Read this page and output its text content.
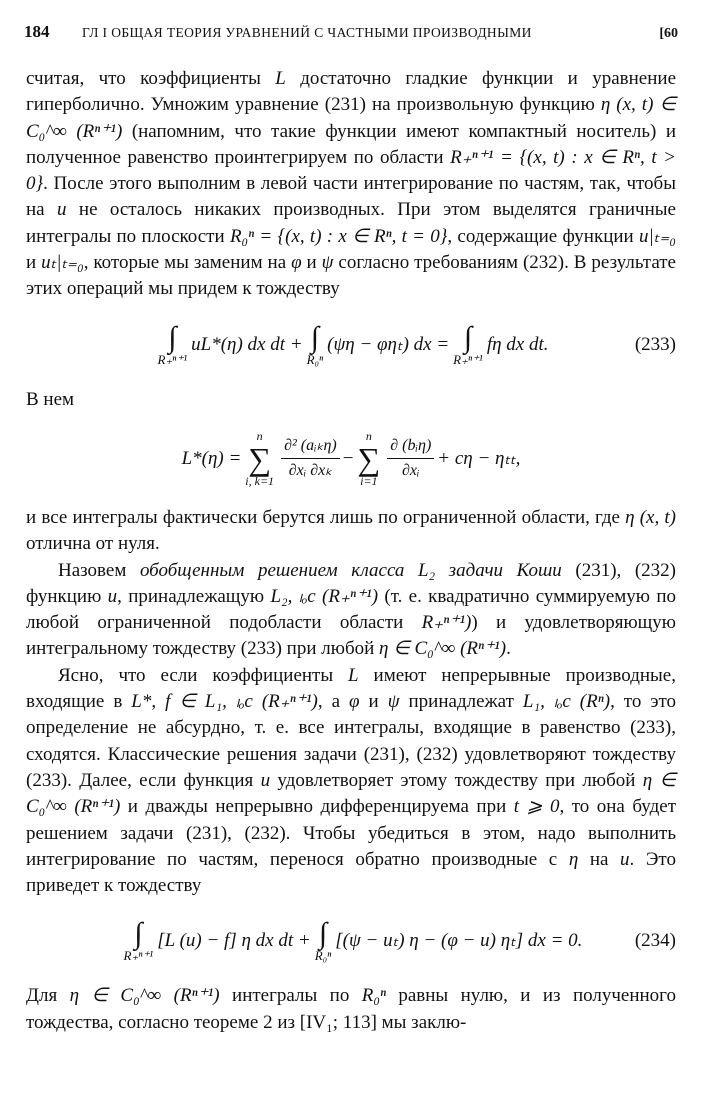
184	ГЛ I ОБЩАЯ ТЕОРИЯ УРАВНЕНИЙ С ЧАСТНЫМИ ПРОИЗВОДНЫМИ	[60

считая, что коэффициенты L достаточно гладкие функции и уравнение гиперболично. Умножим уравнение (231) на произвольную функцию η (x, t) ∈ C₀^∞ (Rⁿ⁺¹) (напомним, что такие функции имеют компактный носитель) и полученное равенство проинтегрируем по области R₊ⁿ⁺¹ = {(x, t) : x ∈ Rⁿ, t > 0}. После этого выполним в левой части интегрирование по частям, так, чтобы на u не осталось никаких производных. При этом выделятся граничные интегралы по плоскости R₀ⁿ = {(x, t) : x ∈ Rⁿ, t = 0}, содержащие функции u|ₜ₌₀ и uₜ|ₜ₌₀, которые мы заменим на φ и ψ согласно требованиям (232). В результате этих операций мы придем к тождеству

∫
R₊ⁿ⁺¹
uL*(η) dx dt + ∫
R₀ⁿ
(ψη − φηₜ) dx = ∫
R₊ⁿ⁺¹
fη dx dt.	(233)

В нем

L*(η) =
n
∑
i, $k=1 \frac{\text{∂² (aᵢₖη)}}{\text{∂xᵢ ∂xₖ}}$ −
n
∑
$i=1 \frac{\text{∂ (bᵢη)}}{\text{∂xᵢ}} + c\eta - \eta_{tt}$,

и все интегралы фактически берутся лишь по ограниченной области, где η (x, t) отлична от нуля.

Назовем обобщенным решением класса L₂ задачи Коши (231), (232) функцию u, принадлежащую L₂, ₗₒc (R₊ⁿ⁺¹) (т. е. квадратично суммируемую по любой ограниченной подобласти области R₊ⁿ⁺¹)) и удовлетворяющую интегральному тождеству (233) при любой η ∈ C₀^∞ (Rⁿ⁺¹).

Ясно, что если коэффициенты L имеют непрерывные производные, входящие в L*, f ∈ L₁, ₗₒc (R₊ⁿ⁺¹), а φ и ψ принадлежат L₁, ₗₒc (Rⁿ), то это определение не абсурдно, т. е. все интегралы, входящие в равенство (233), сходятся. Классические решения задачи (231), (232) удовлетворяют тождеству (233). Далее, если функция u удовлетворяет этому тождеству при любой η ∈ C₀^∞ (Rⁿ⁺¹) и дважды непрерывно дифференцируема при t ⩾ 0, то она будет решением задачи (231), (232). Чтобы убедиться в этом, надо выполнить интегрирование по частям, перенося обратно производные с η на u. Это приведет к тождеству

∫
R₊ⁿ⁺¹
[L (u) − f] η dx dt + ∫
R₀ⁿ
[(ψ − uₜ) η − (φ − u) ηₜ] dx = 0.	(234)

Для η ∈ C₀^∞ (Rⁿ⁺¹) интегралы по R₀ⁿ равны нулю, и из полученного тождества, согласно теореме 2 из [IV₁; 113] мы заклю-
